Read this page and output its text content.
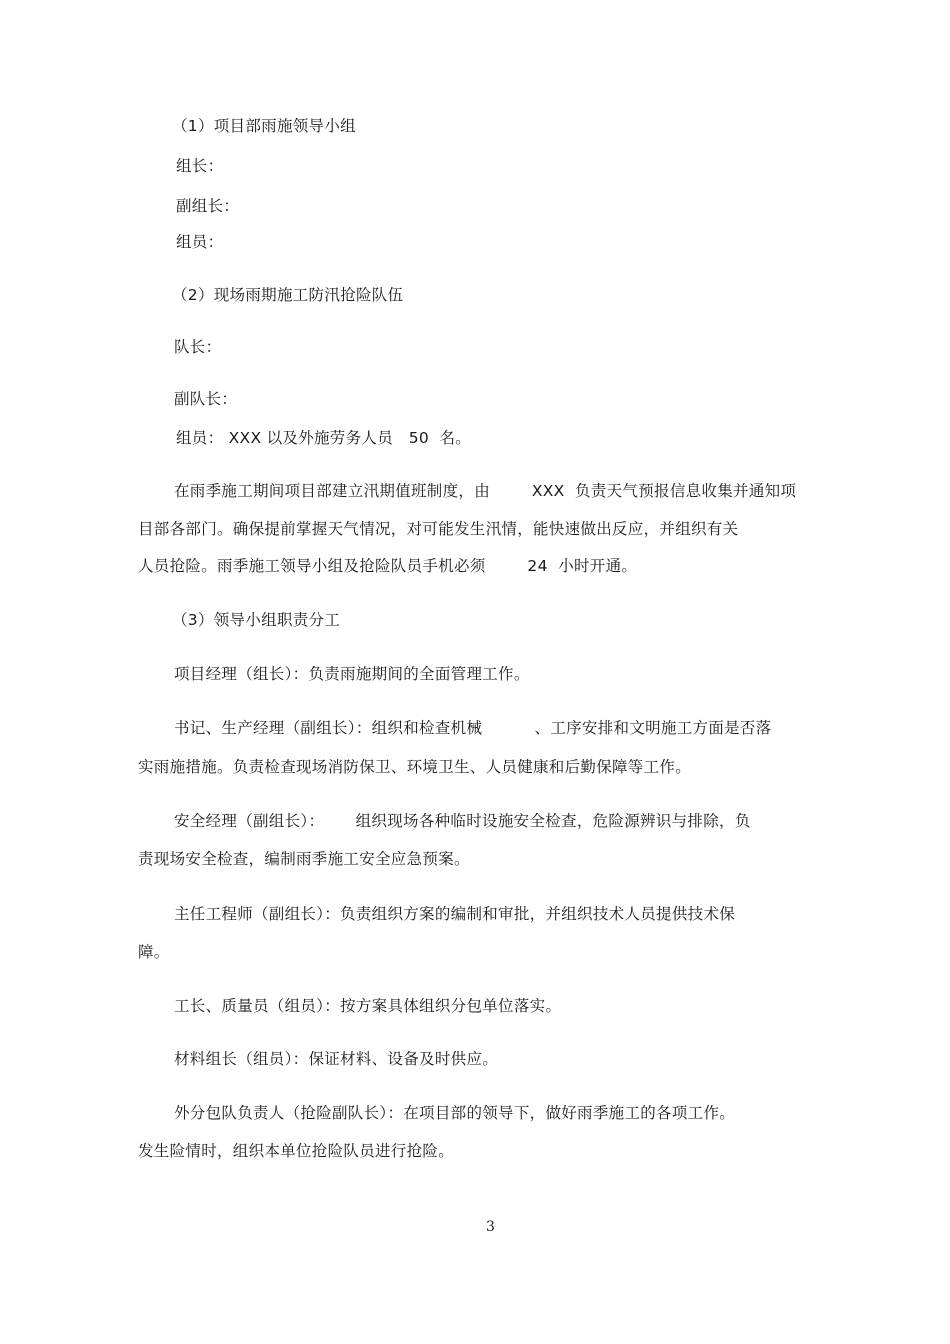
（1）项目部雨施领导小组
组长：
副组长：
组员：
（2）现场雨期施工防汛抢险队伍
队长：
副队长：
组员： XXX 以及外施劳务人员   50  名。
在雨季施工期间项目部建立汛期值班制度，由        XXX  负责天气预报信息收集并通知项
目部各部门。确保提前掌握天气情况，对可能发生汛情，能快速做出反应，并组织有关
人员抢险。雨季施工领导小组及抢险队员手机必须        24  小时开通。
（3）领导小组职责分工
项目经理（组长）：负责雨施期间的全面管理工作。
书记、生产经理（副组长）：组织和检查机械          、工序安排和文明施工方面是否落
实雨施措施。负责检查现场消防保卫、环境卫生、人员健康和后勤保障等工作。
安全经理（副组长）：      组织现场各种临时设施安全检查，危险源辨识与排除，负
责现场安全检查，编制雨季施工安全应急预案。
主任工程师（副组长）：负责组织方案的编制和审批，并组织技术人员提供技术保
障。
工长、质量员（组员）：按方案具体组织分包单位落实。
材料组长（组员）：保证材料、设备及时供应。
外分包队负责人（抢险副队长）：在项目部的领导下，做好雨季施工的各项工作。
发生险情时，组织本单位抢险队员进行抢险。
3
